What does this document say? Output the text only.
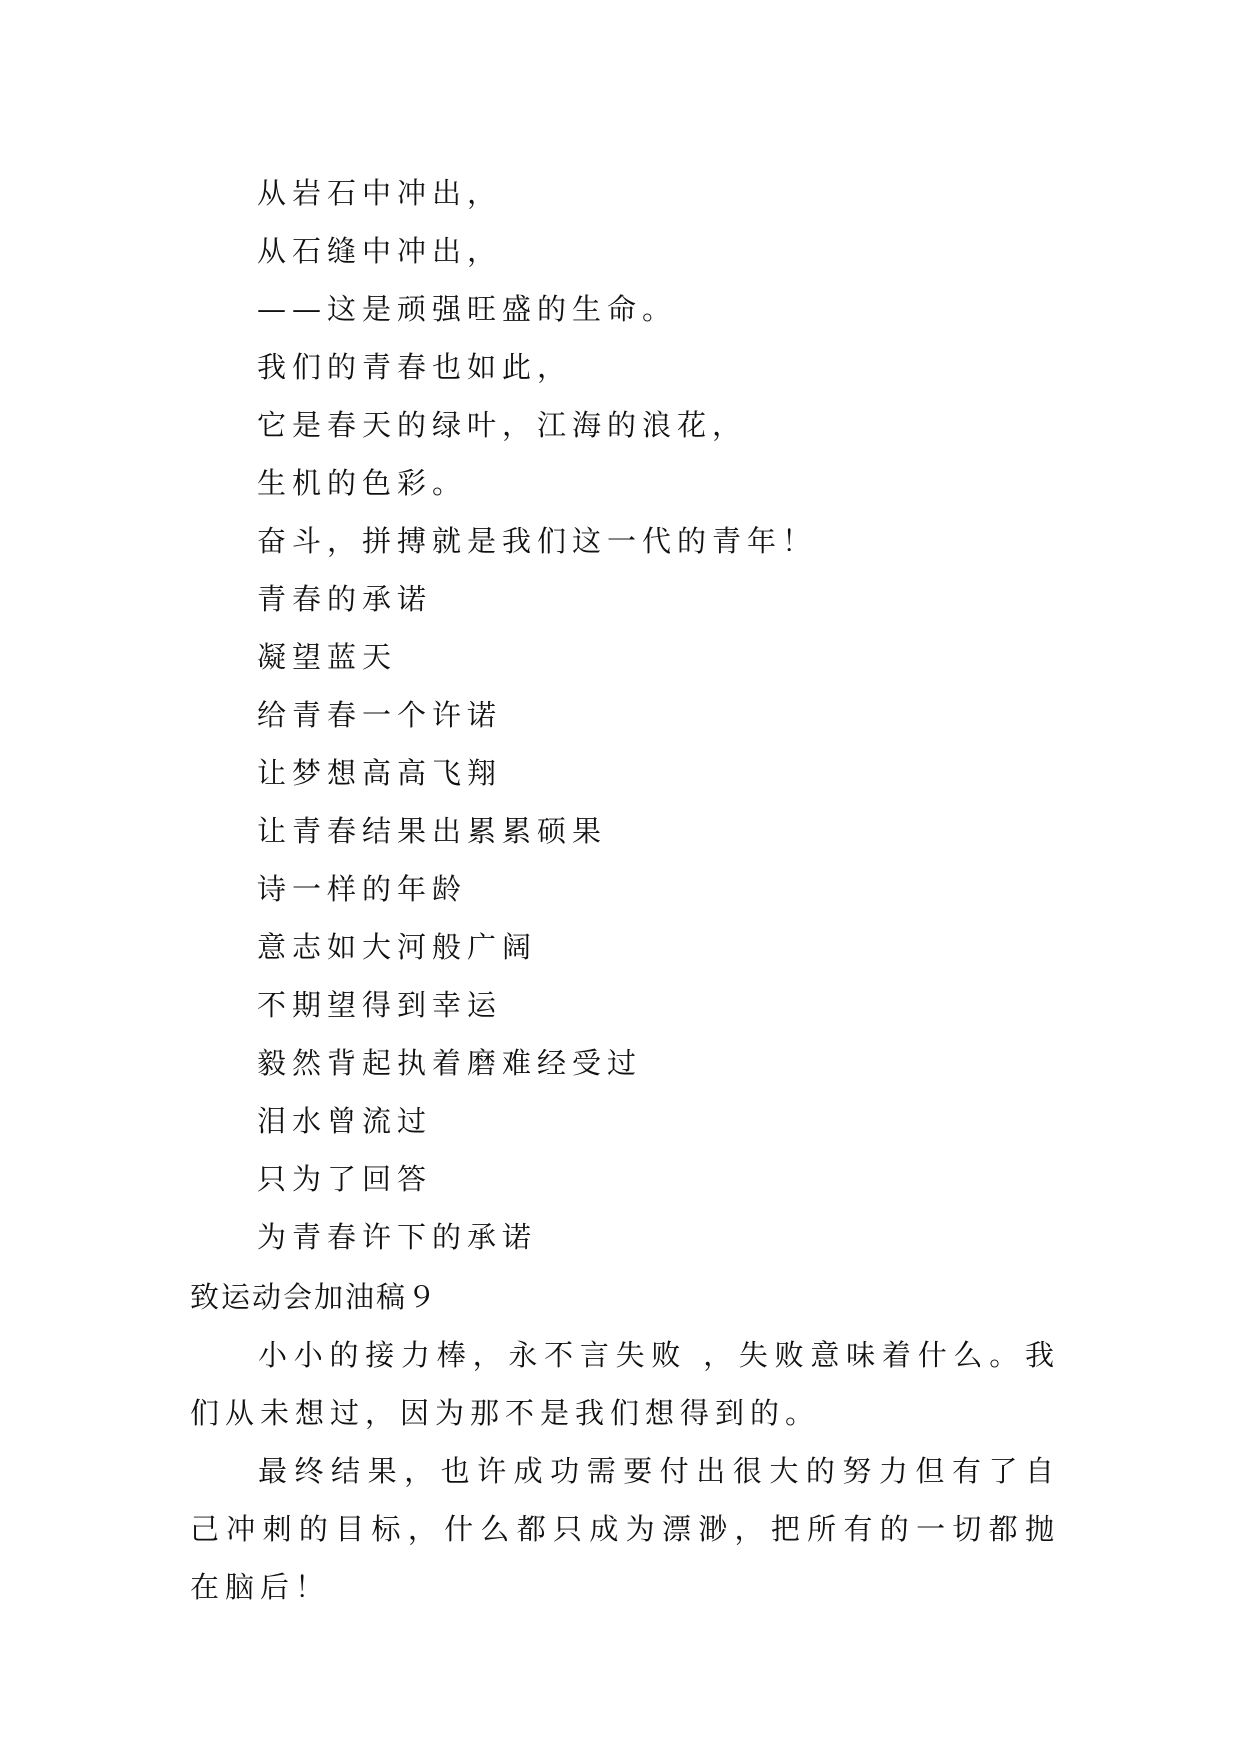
从岩石中冲出，
从石缝中冲出，
——这是顽强旺盛的生命。
我们的青春也如此，
它是春天的绿叶，江海的浪花，
生机的色彩。
奋斗，拼搏就是我们这一代的青年！
青春的承诺
凝望蓝天
给青春一个许诺
让梦想高高飞翔
让青春结果出累累硕果
诗一样的年龄
意志如大河般广阔
不期望得到幸运
毅然背起执着磨难经受过
泪水曾流过
只为了回答
为青春许下的承诺
致运动会加油稿９

小小的接力棒，永不言失败 ，失败意味着什么。我们从未想过，因为那不是我们想得到的。

最终结果，也许成功需要付出很大的努力但有了自己冲刺的目标，什么都只成为漂渺，把所有的一切都抛在脑后！
